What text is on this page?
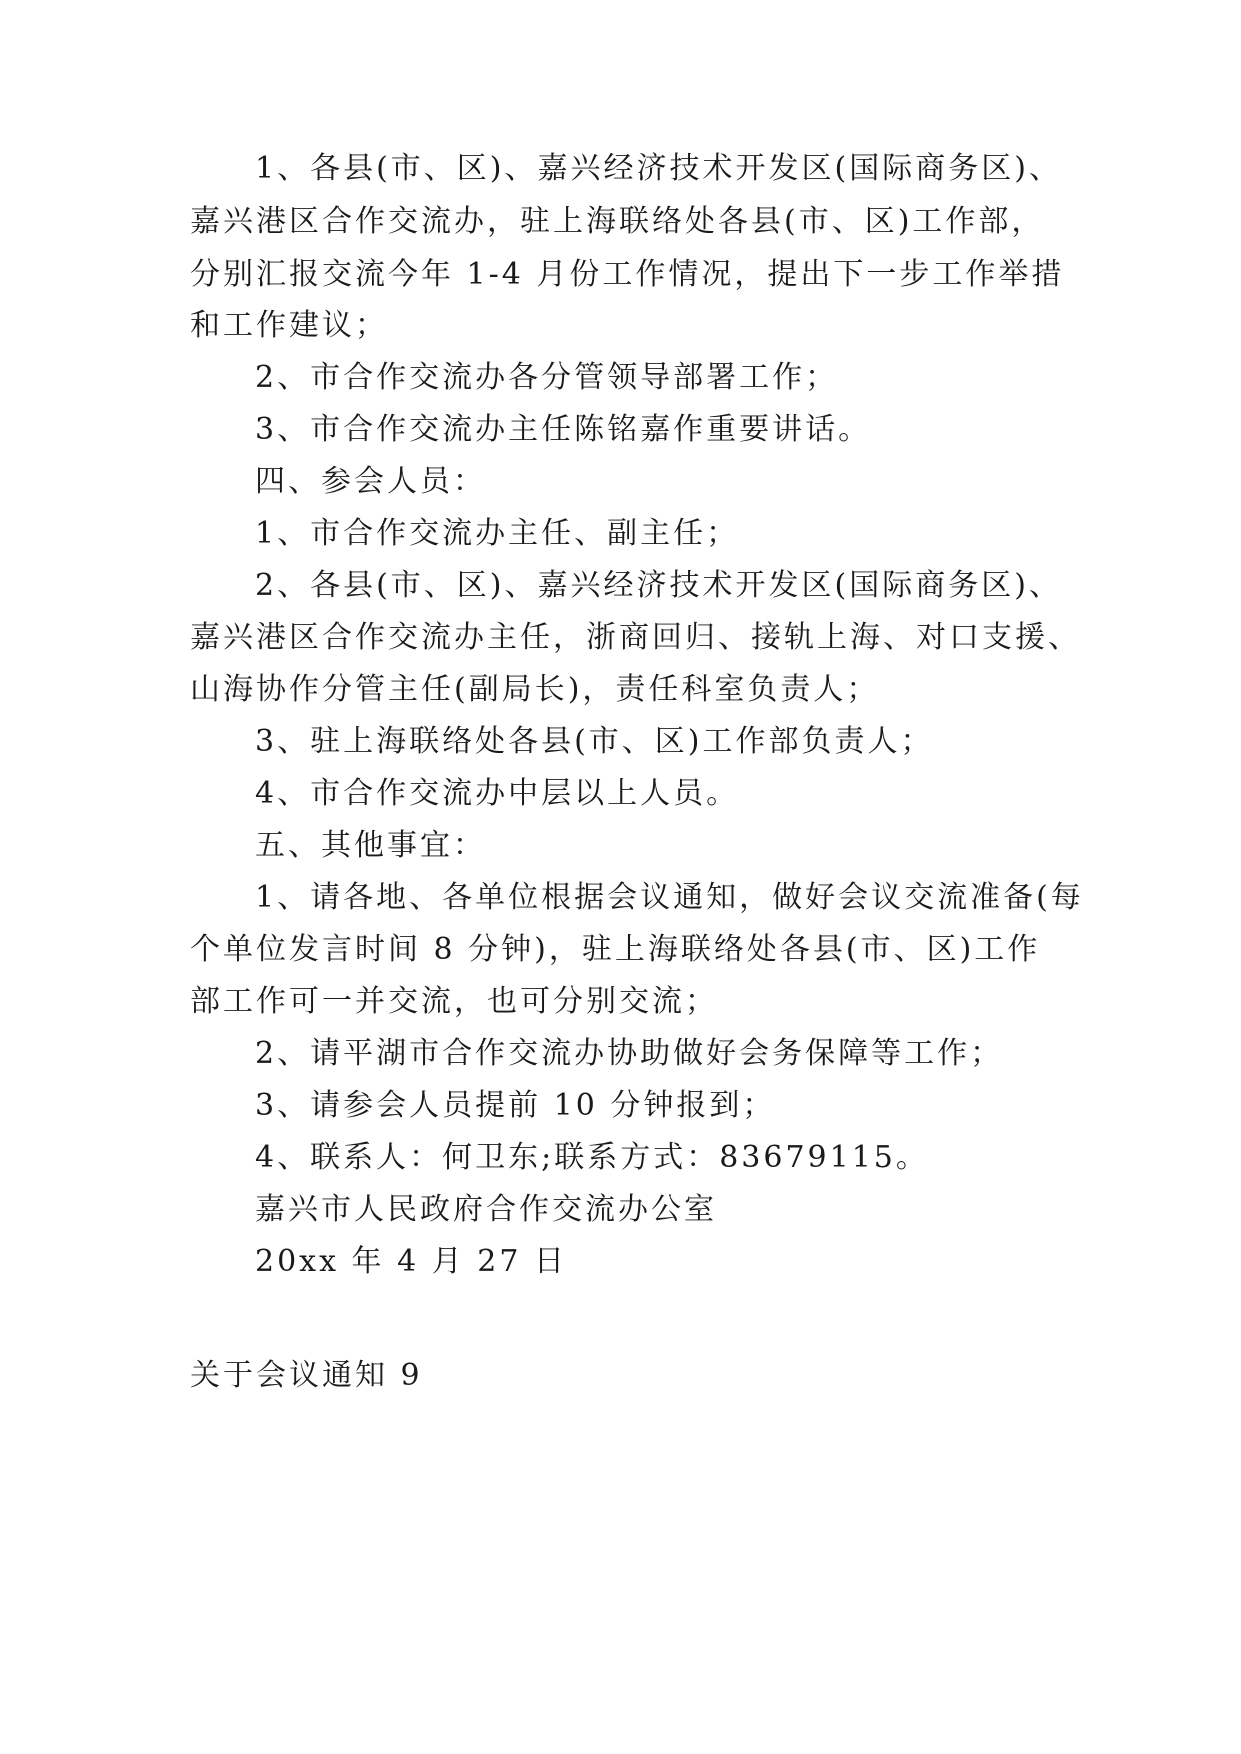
1、各县(市、区)、嘉兴经济技术开发区(国际商务区)、
嘉兴港区合作交流办，驻上海联络处各县(市、区)工作部，
分别汇报交流今年 1-4 月份工作情况，提出下一步工作举措
和工作建议；
2、市合作交流办各分管领导部署工作；
3、市合作交流办主任陈铭嘉作重要讲话。
四、参会人员：
1、市合作交流办主任、副主任；
2、各县(市、区)、嘉兴经济技术开发区(国际商务区)、
嘉兴港区合作交流办主任，浙商回归、接轨上海、对口支援、
山海协作分管主任(副局长)，责任科室负责人；
3、驻上海联络处各县(市、区)工作部负责人；
4、市合作交流办中层以上人员。
五、其他事宜：
1、请各地、各单位根据会议通知，做好会议交流准备(每
个单位发言时间 8 分钟)，驻上海联络处各县(市、区)工作
部工作可一并交流，也可分别交流；
2、请平湖市合作交流办协助做好会务保障等工作；
3、请参会人员提前 10 分钟报到；
4、联系人：何卫东;联系方式：83679115。
嘉兴市人民政府合作交流办公室
20xx 年 4 月 27 日
关于会议通知 9
